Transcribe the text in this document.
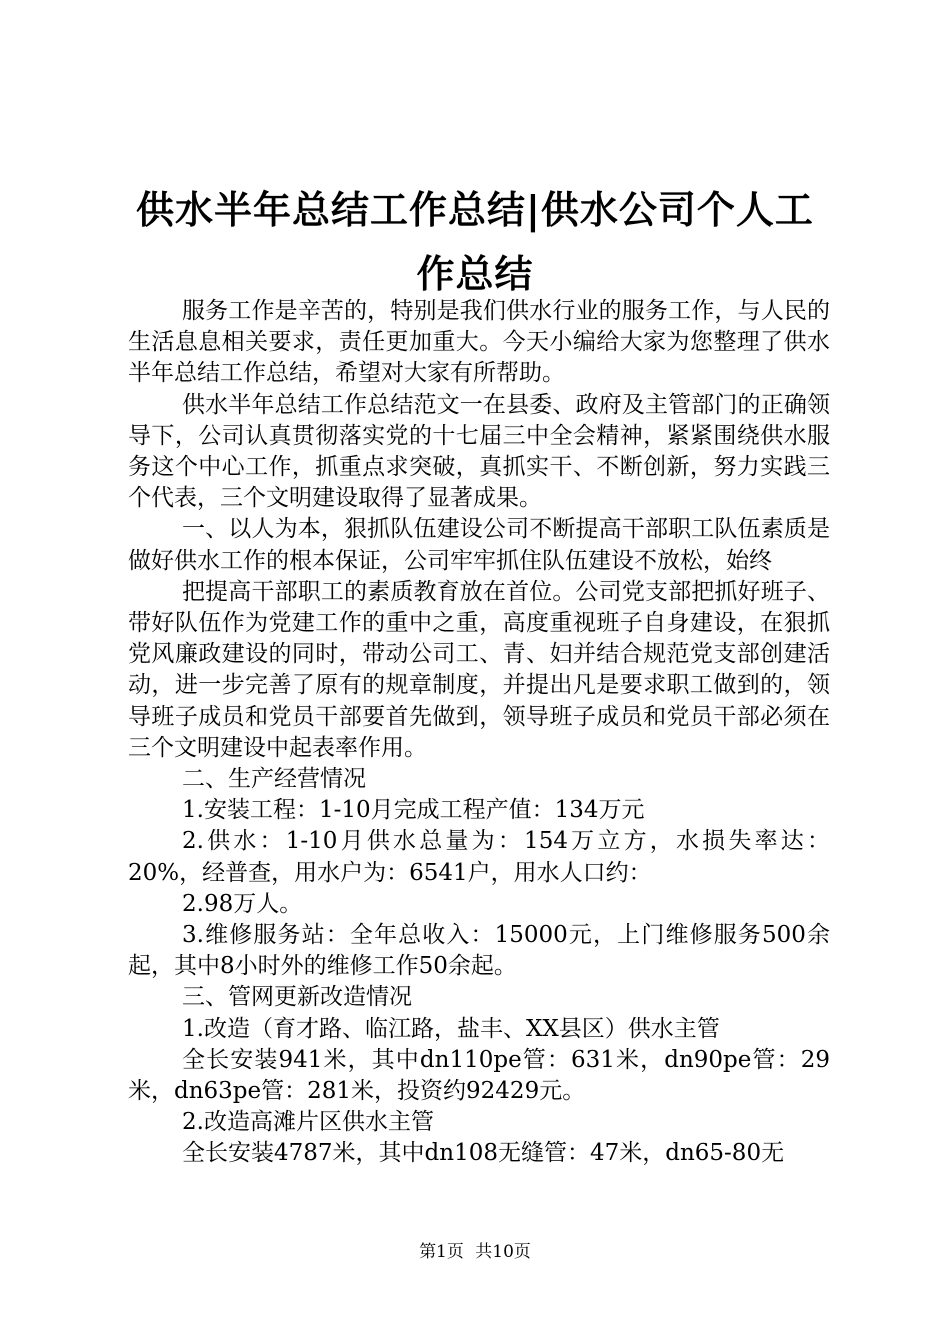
供水半年总结工作总结|供水公司个人工作总结

服务工作是辛苦的，特别是我们供水行业的服务工作，与人民的生活息息相关要求，责任更加重大。今天小编给大家为您整理了供水半年总结工作总结，希望对大家有所帮助。

供水半年总结工作总结范文一在县委、政府及主管部门的正确领导下，公司认真贯彻落实党的十七届三中全会精神，紧紧围绕供水服务这个中心工作，抓重点求突破，真抓实干、不断创新，努力实践三个代表，三个文明建设取得了显著成果。

一、以人为本，狠抓队伍建设公司不断提高干部职工队伍素质是做好供水工作的根本保证，公司牢牢抓住队伍建设不放松，始终

把提高干部职工的素质教育放在首位。公司党支部把抓好班子、带好队伍作为党建工作的重中之重，高度重视班子自身建设，在狠抓党风廉政建设的同时，带动公司工、青、妇并结合规范党支部创建活动，进一步完善了原有的规章制度，并提出凡是要求职工做到的，领导班子成员和党员干部要首先做到，领导班子成员和党员干部必须在三个文明建设中起表率作用。

二、生产经营情况

1.安装工程：1-10月完成工程产值：134万元

2.供水：1-10月供水总量为：154万立方，水损失率达：20%，经普查，用水户为：6541户，用水人口约：

2.98万人。

3.维修服务站：全年总收入：15000元，上门维修服务500余起，其中8小时外的维修工作50余起。

三、管网更新改造情况

1.改造（育才路、临江路，盐丰、XX县区）供水主管

全长安装941米，其中dn110pe管：631米，dn90pe管：29米，dn63pe管：281米，投资约92429元。

2.改造高滩片区供水主管

全长安装4787米，其中dn108无缝管：47米，dn65-80无

第1页 共10页
